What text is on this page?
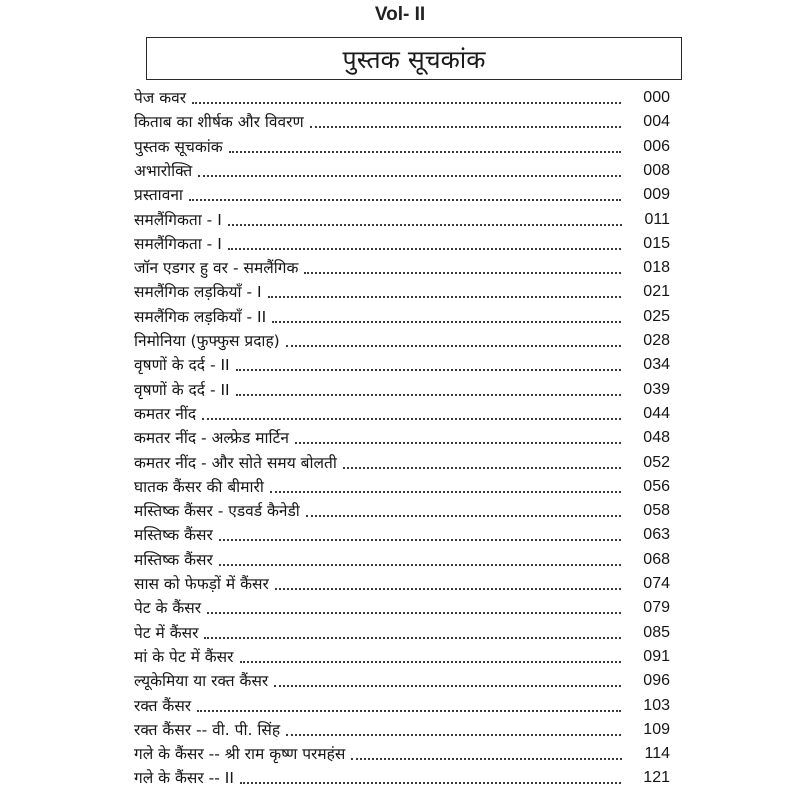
Vol- II
पुस्तक सूचकांक
पेज कवर	000
किताब का शीर्षक और विवरण	004
पुस्तक सूचकांक	006
अभारोक्ति	008
प्रस्तावना	009
समलैंगिकता - I	011
समलैंगिकता - I	015
जॉन एडगर हु वर - समलैंगिक	018
समलैंगिक लड़कियाँ - I	021
समलैंगिक लड़कियाँ - II	025
निमोनिया (फुफ्फुस प्रदाह)	028
वृषणों के दर्द - II	034
वृषणों के दर्द - II	039
कमतर नींद	044
कमतर नींद - अल्फ्रेड मार्टिन	048
कमतर नींद - और सोते समय बोलती	052
घातक कैंसर की बीमारी	056
मस्तिष्क कैंसर - एडवर्ड कैनेडी	058
मस्तिष्क कैंसर	063
मस्तिष्क कैंसर	068
सास को फेफड़ों में कैंसर	074
पेट के कैंसर	079
पेट में कैंसर	085
मां के पेट में कैंसर	091
ल्यूकेमिया या रक्त कैंसर	096
रक्त कैंसर	103
रक्त कैंसर -- वी. पी. सिंह	109
गले के कैंसर -- श्री राम कृष्ण परमहंस	114
गले के कैंसर -- II	121
